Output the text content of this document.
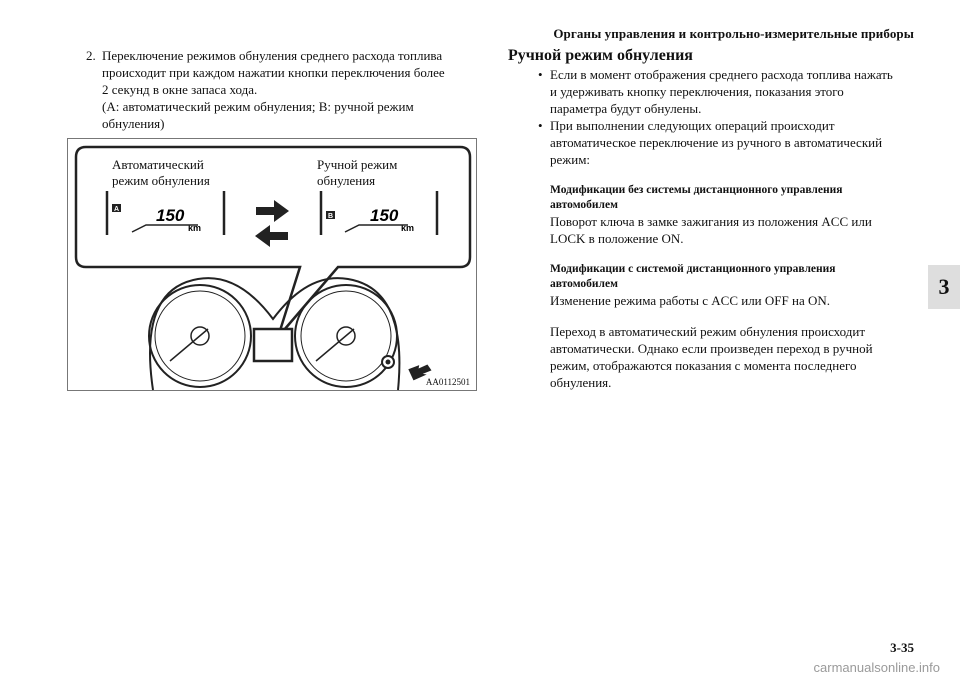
Органы управления и контрольно-измерительные приборы
3
2. Переключение режимов обнуления среднего расхода топлива

происходит при каждом нажатии кнопки переключения более

2 секунд в окне запаса хода.

(A: автоматический режим обнуления; B: ручной режим

обнуления)

A 150
km
B 150
km
Автоматический
режим обнуления
Ручной режим
обнуления
AA0112501
Ручной режим обнуления
• Если в момент отображения среднего расхода топлива нажать
и удерживать кнопку переключения, показания этого
параметра будут обнулены.
• При выполнении следующих операций происходит
автоматическое переключение из ручного в автоматический
режим:
Модификации без системы дистанционного управления
автомобилем
Поворот ключа в замке зажигания из положения ACC или
LOCK в положение ON.
Модификации с системой дистанционного управления
автомобилем
Изменение режима работы с ACC или OFF на ON.
Переход в автоматический режим обнуления происходит
автоматически. Однако если произведен переход в ручной
режим, отображаются показания с момента последнего
обнуления.
3-35
carmanualsonline.info
